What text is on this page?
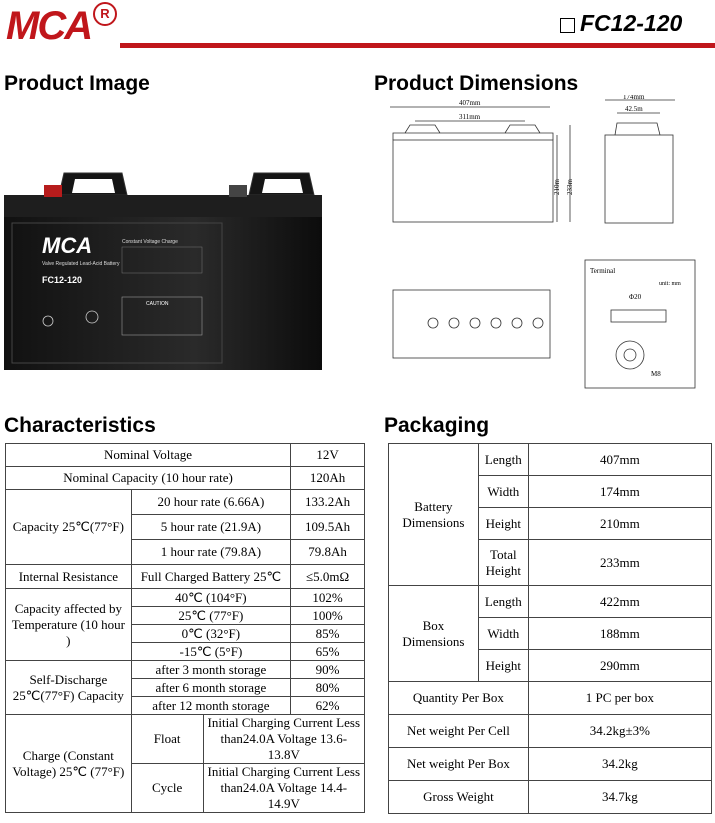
MCA R	FC12-120
Product Image	Product Dimensions
Characteristics	Packaging
MCA
Valve Regulated Lead-Acid Battery
FC12-120
Constant Voltage Charge
CAUTION
407mm
311mm
174mm
42.5m
210m 233m
Terminal
unit: mm
Φ20
M8
Nominal Voltage			12V
Nominal Capacity (10 hour rate)			120Ah
Capacity 25℃(77°F)	20 hour rate (6.66A)		133.2Ah
	5 hour rate (21.9A)		109.5Ah
	1 hour rate (79.8A)		79.8Ah
Internal Resistance	Full Charged Battery 25℃		≤5.0mΩ
Capacity affected by Temperature (10 hour )	40℃ (104°F)		102%
	25℃ (77°F)		100%
	0℃ (32°F)		85%
	-15℃ (5°F)		65%
Self-Discharge 25℃(77°F) Capacity	after 3 month storage		90%
	after 6 month storage		80%
	after 12 month storage		62%
Charge (Constant Voltage) 25℃ (77°F)	Float	Initial Charging Current Less than24.0A Voltage 13.6-13.8V	
	Cycle	Initial Charging Current Less than24.0A Voltage 14.4-14.9V	
Battery Dimensions	Length	407mm
	Width	174mm
	Height	210mm
	Total Height	233mm
Box Dimensions	Length	422mm
	Width	188mm
	Height	290mm
Quantity Per Box		1 PC per box
Net weight Per Cell		34.2kg±3%
Net weight Per Box		34.2kg
Gross Weight		34.7kg
